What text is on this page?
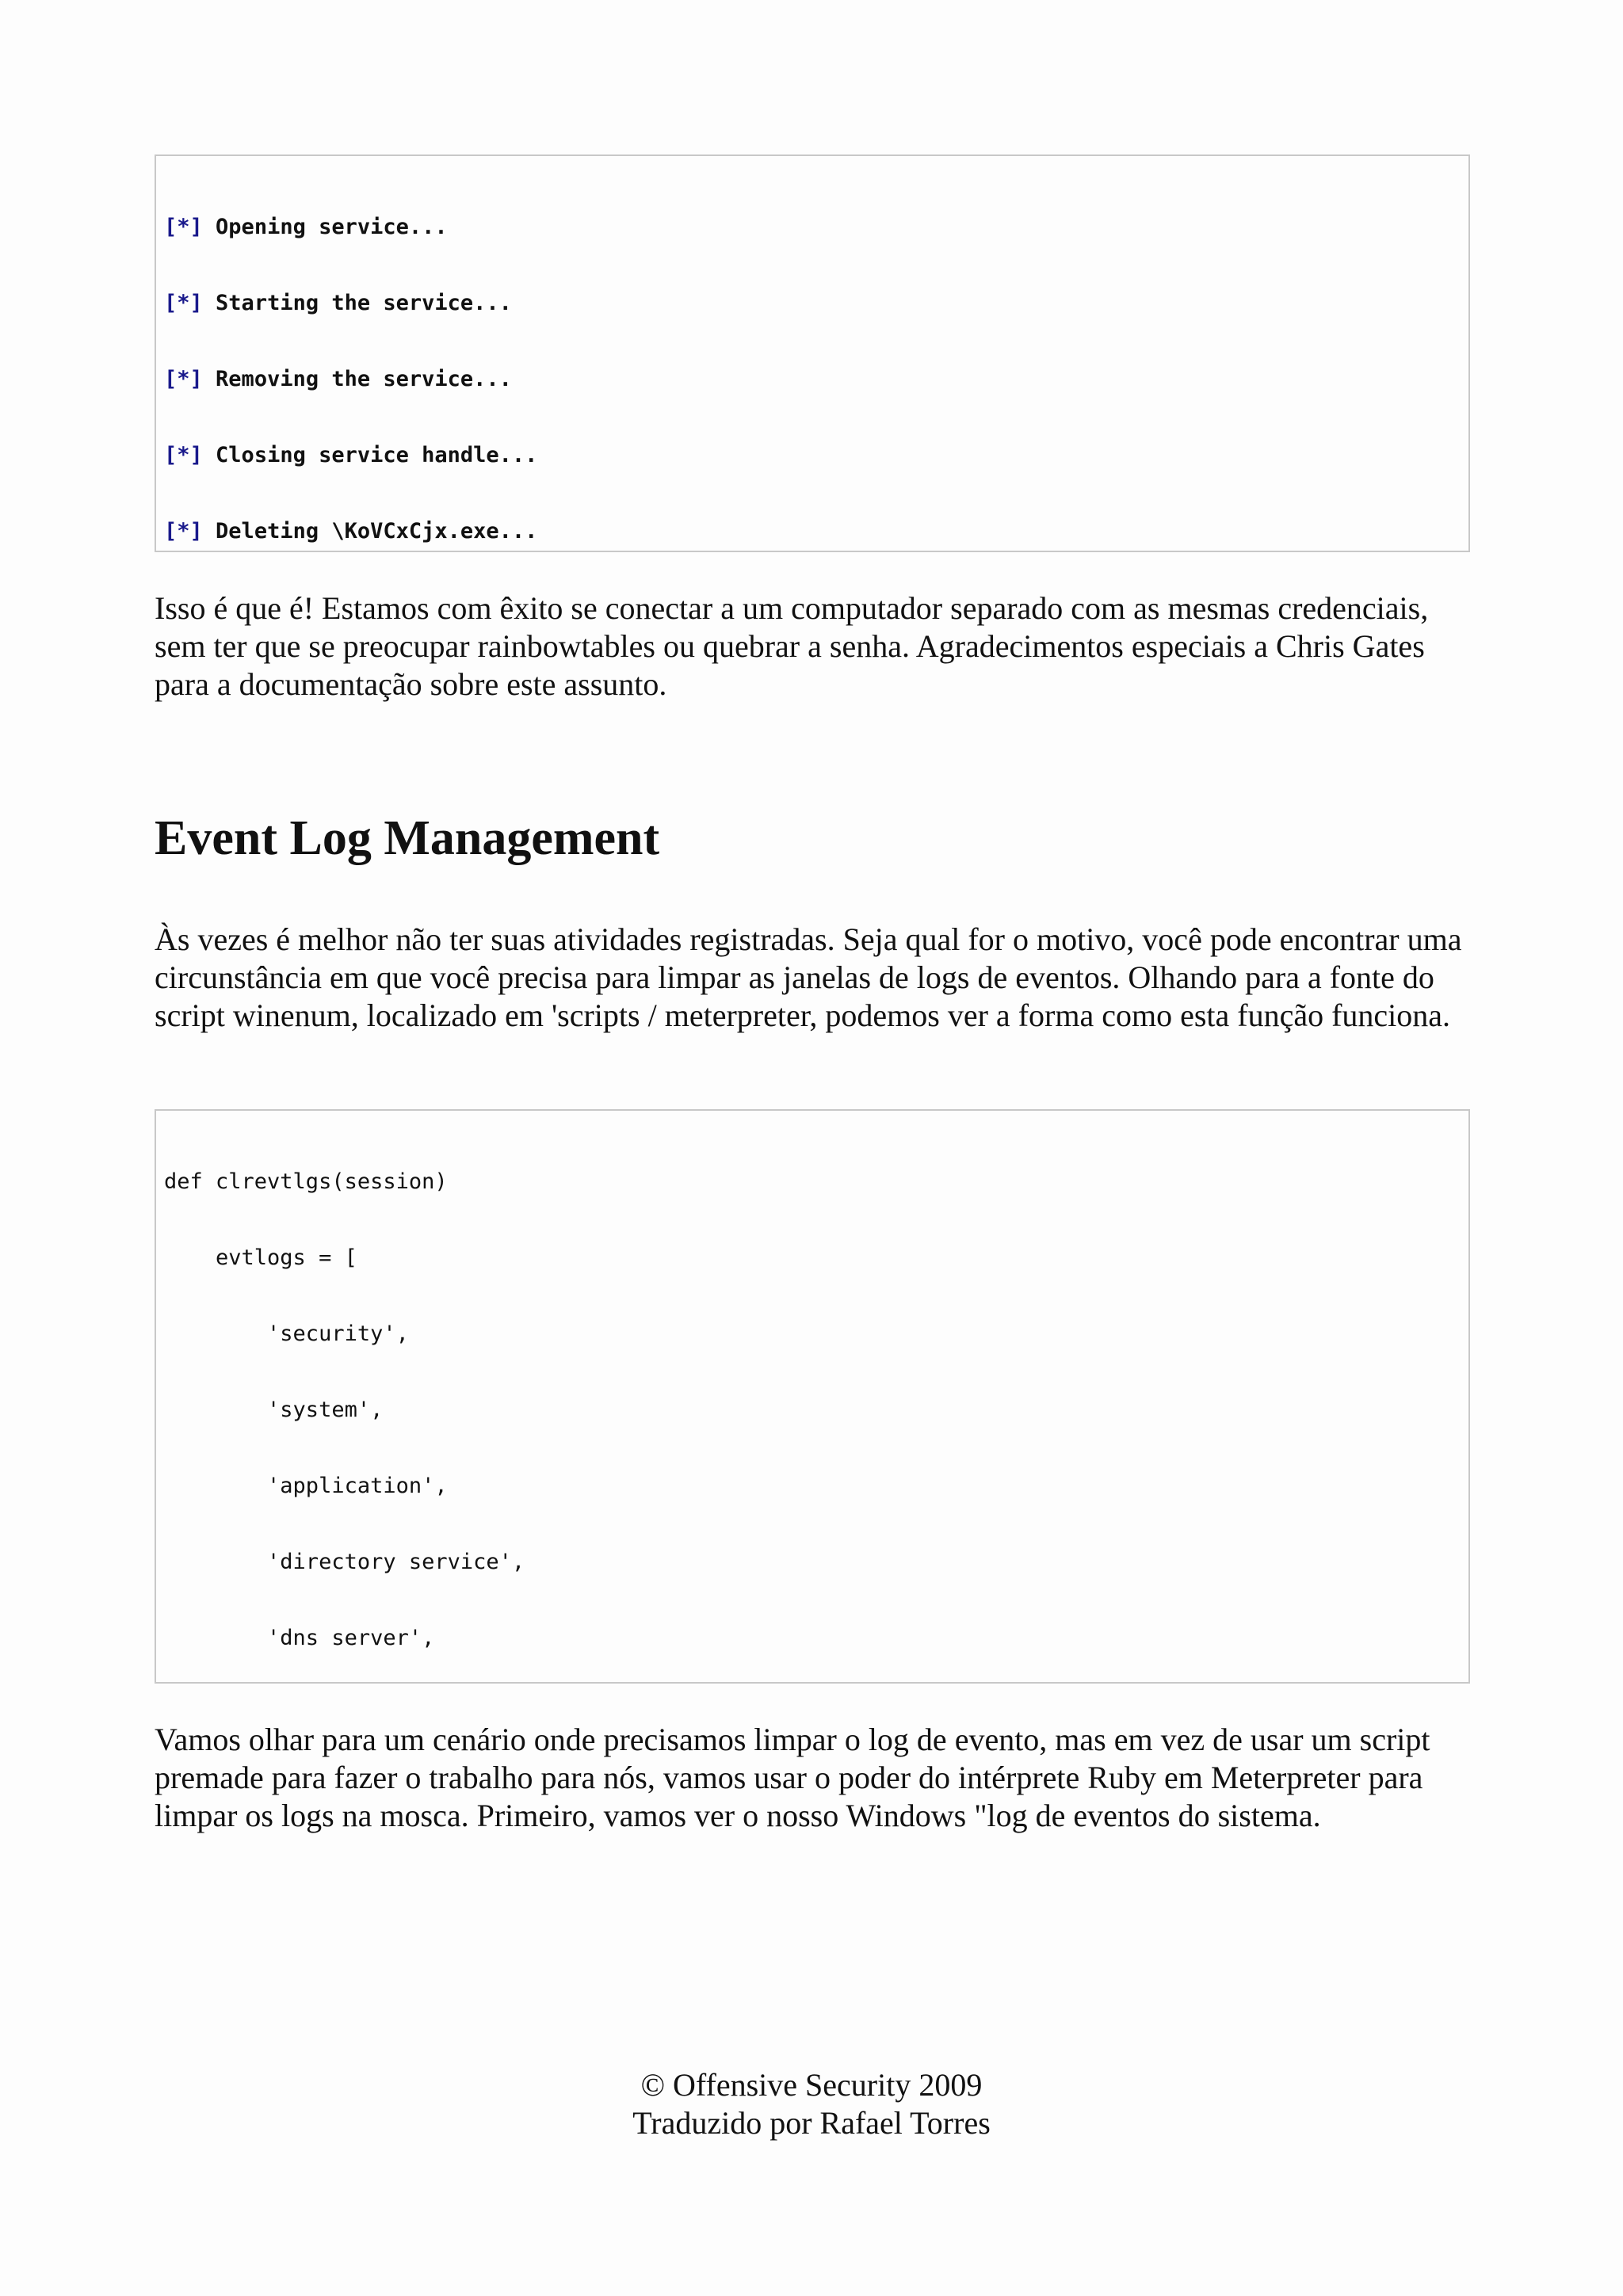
[*] Opening service...

[*] Starting the service...

[*] Removing the service...

[*] Closing service handle...

[*] Deleting \KoVCxCjx.exe...

Isso é que é! Estamos com êxito se conectar a um computador separado com as mesmas credenciais, sem ter que se preocupar rainbowtables ou quebrar a senha. Agradecimentos especiais a Chris Gates para a documentação sobre este assunto.

Event Log Management

Às vezes é melhor não ter suas atividades registradas. Seja qual for o motivo, você pode encontrar uma circunstância em que você precisa para limpar as janelas de logs de eventos. Olhando para a fonte do script winenum, localizado em 'scripts / meterpreter, podemos ver a forma como esta função funciona.

def clrevtlgs(session)

evtlogs = [

'security',

'system',

'application',

'directory service',

'dns server',

Vamos olhar para um cenário onde precisamos limpar o log de evento, mas em vez de usar um script premade para fazer o trabalho para nós, vamos usar o poder do intérprete Ruby em Meterpreter para limpar os logs na mosca. Primeiro, vamos ver o nosso Windows "log de eventos do sistema.

© Offensive Security 2009
Traduzido por Rafael Torres
